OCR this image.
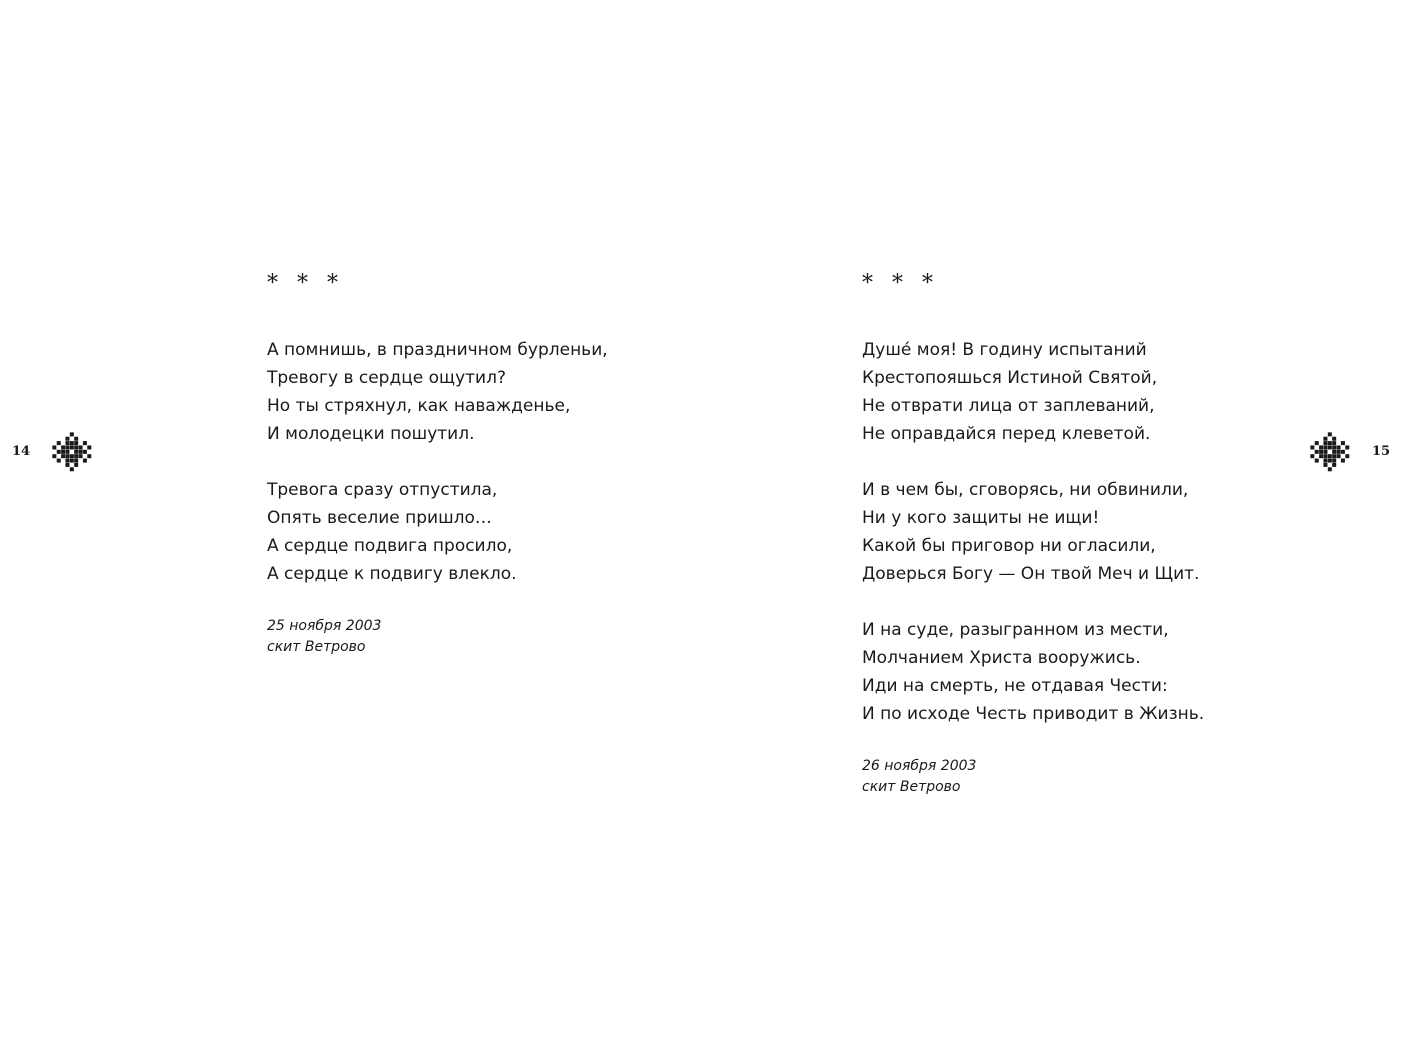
14
* * *
А помнишь, в праздничном бурленьи,
Тревогу в сердце ощутил?
Но ты стряхнул, как наважденье,
И молодецки пошутил.
Тревога сразу отпустила,
Опять веселие пришло…
А сердце подвига просило,
А сердце к подвигу влекло.
25 ноября 2003
скит Ветрово
15
* * *
Душе́ моя! В годину испытаний
Крестопояшься Истиной Святой,
Не отврати лица от заплеваний,
Не оправдайся перед клеветой.
И в чем бы, сговорясь, ни обвинили,
Ни у кого защиты не ищи!
Какой бы приговор ни огласили,
Доверься Богу — Он твой Меч и Щит.
И на суде, разыгранном из мести,
Молчанием Христа вооружись.
Иди на смерть, не отдавая Чести:
И по исходе Честь приводит в Жизнь.
26 ноября 2003
скит Ветрово
